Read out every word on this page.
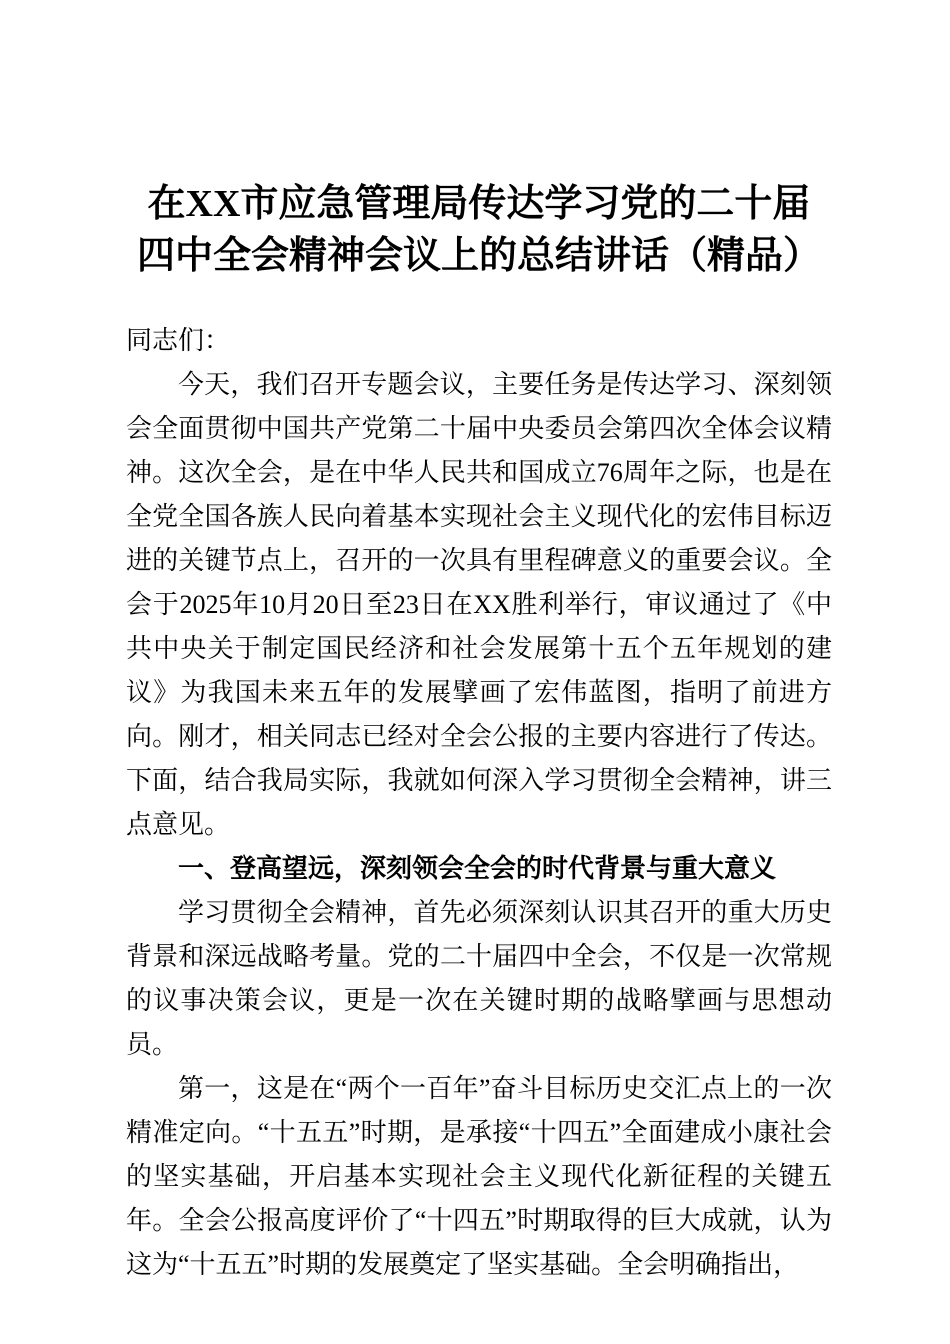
在XX市应急管理局传达学习党的二十届
四中全会精神会议上的总结讲话（精品）

同志们：

今天，我们召开专题会议，主要任务是传达学习、深刻领会全面贯彻中国共产党第二十届中央委员会第四次全体会议精神。这次全会，是在中华人民共和国成立76周年之际，也是在全党全国各族人民向着基本实现社会主义现代化的宏伟目标迈进的关键节点上，召开的一次具有里程碑意义的重要会议。全会于2025年10月20日至23日在XX胜利举行，审议通过了《中共中央关于制定国民经济和社会发展第十五个五年规划的建议》为我国未来五年的发展擘画了宏伟蓝图，指明了前进方向。刚才，相关同志已经对全会公报的主要内容进行了传达。下面，结合我局实际，我就如何深入学习贯彻全会精神，讲三点意见。

一、登高望远，深刻领会全会的时代背景与重大意义

学习贯彻全会精神，首先必须深刻认识其召开的重大历史背景和深远战略考量。党的二十届四中全会，不仅是一次常规的议事决策会议，更是一次在关键时期的战略擘画与思想动员。

第一，这是在“两个一百年”奋斗目标历史交汇点上的一次精准定向。“十五五”时期，是承接“十四五”全面建成小康社会的坚实基础，开启基本实现社会主义现代化新征程的关键五年。全会公报高度评价了“十四五”时期取得的巨大成就，认为这为“十五五”时期的发展奠定了坚实基础。全会明确指出，
